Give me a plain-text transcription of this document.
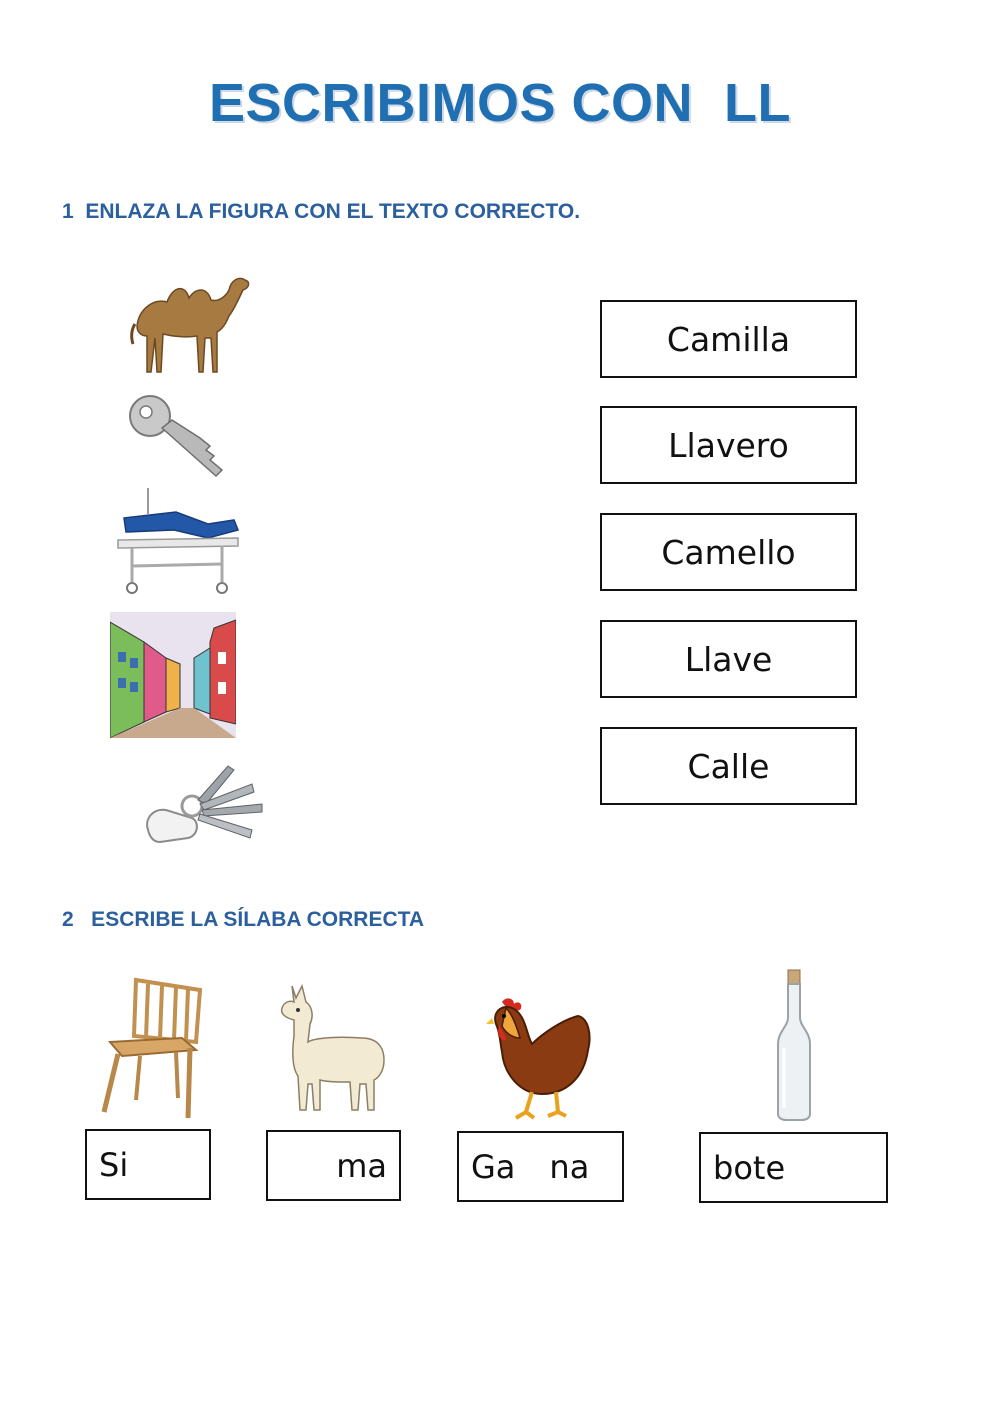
ESCRIBIMOS CON  LL
1  ENLAZA LA FIGURA CON EL TEXTO CORRECTO.
Camilla
Llavero
Camello
Llave
Calle
2   ESCRIBE LA SÍLABA CORRECTA
Si	ma	Ga na	bote
